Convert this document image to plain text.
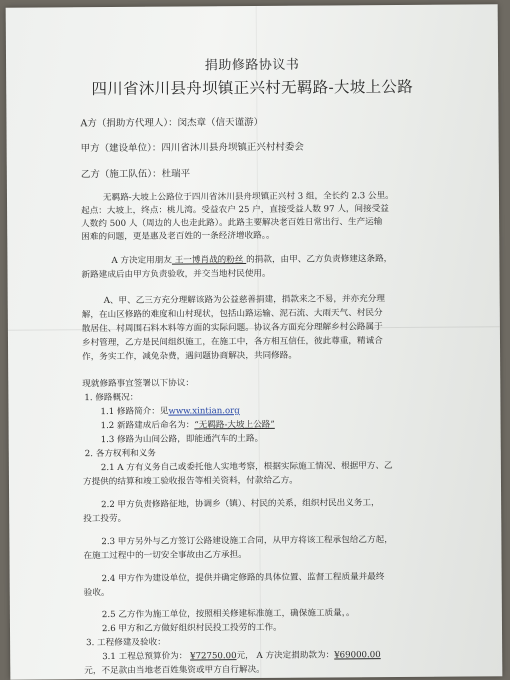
捐助修路协议书
四川省沐川县舟坝镇正兴村无羁路-大坡上公路
A方（捐助方代理人）：闵杰章（信天谨游）
甲方（建设单位）：四川省沐川县舟坝镇正兴村村委会
乙方（施工队伍）：杜瑞平
无羁路-大坡上公路位于四川省沐川县舟坝镇正兴村 3 组，全长约 2.3 公里。
起点：大坡上，终点：桃儿湾。受益农户 25 户，直接受益人数 97 人，间接受益
人数约 500 人（周边的人也走此路）。此路主要解决老百姓日常出行、生产运输
困难的问题，更是惠及老百姓的一条经济增收路。。
A 方决定用朋友 王一博肖战的粉丝 的捐款，由甲、乙方负责修建这条路，
新路建成后由甲方负责验收，并交当地村民使用。
A、甲、乙三方充分理解该路为公益慈善捐建，捐款来之不易，并亦充分理
解，在山区修路的难度和山村现状，包括山路运输、泥石流、大雨天气、村民分
散居住、村周围石料木料等方面的实际问题。协议各方面充分理解乡村公路属于
乡村管理，乙方是民间组织施工，在施工中，各方相互信任，彼此尊重，精诚合
作，务实工作，减免杂费，遇问题协商解决，共同修路。
现就修路事宜签署以下协议：
1. 修路概况：
1.1 修路简介：见www.xintian.org
1.2 新路建成后命名为：“无羁路-大坡上公路”
1.3 修路为山间公路，即能通汽车的土路。
2. 各方权利和义务
2.1 A 方有义务自己或委托他人实地考察，根据实际施工情况、根据甲方、乙
方提供的结算和竣工验收报告等相关资料，付款给乙方。
2.2 甲方负责修路征地，协调乡（镇）、村民的关系，组织村民出义务工，
投工投劳。
2.3 甲方另外与乙方签订公路建设施工合同，从甲方将该工程承包给乙方起，
在施工过程中的一切安全事故由乙方承担。
2.4 甲方作为建设单位，提供并确定修路的具体位置、监督工程质量并最终
验收。
2.5 乙方作为施工单位，按照相关修建标准施工，确保施工质量，。
2.6 甲方和乙方做好组织村民投工投劳的工作。
3. 工程修建及验收：
3.1 工程总预算价为： ¥72750.00元， A 方决定捐助款为：¥69000.00
元，不足款由当地老百姓集资或甲方自行解决。
